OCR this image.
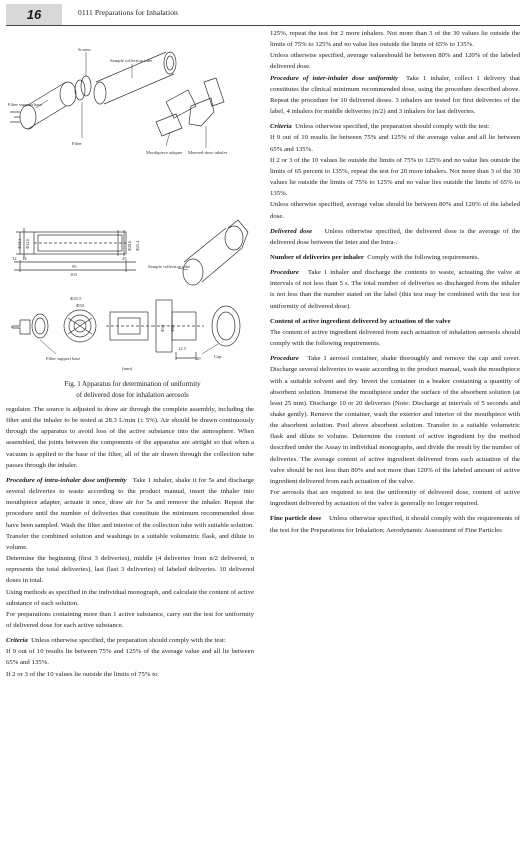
16	0111 Preparations for Inhalation
Screen
Sample collection tube
Filter support base
Filter
Mouthpiece adapter Metered-dose inhaler
Sample collection tube
Filter support base	Cap
(mm)
Φ34.3 Φ32.6	Φ28.6 Φ25.4
12 14
95
103
25
Φ25.5
Φ50
Φ50 Φ80
12.5
20
Fig. 1 Apparatus for determination of uniformity
of delivered dose for inhalation aerosols

regulator. The source is adjusted to draw air through the complete assembly, including the filter and the inhaler to be tested at 28.3 L/min (± 5%). Air should be drawn continuously through the apparatus to avoid loss of the active substance into the atmosphere. When assembled, the joints between the components of the apparatus are airtight so that when a vacuum is applied to the base of the filter, all of the air drawn through the collection tube passes through the inhaler.

Procedure of intra-inhaler dose uniformity Take 1 inhaler, shake it for 5s and discharge several deliveries to waste according to the product manual, insert the inhaler into mouthpiece adapter, actuate it once, draw air for 5s and remove the inhaler. Repeat the procedure until the number of deliveries that constitute the minimum recommended dose have been sampled. Wash the filter and interior of the collection tube with suitable solution. Transfer the combined solution and washings to a suitable volumetric flask, and dilute to volume.

Determine the beginning (first 3 deliveries), middle (4 deliveries from n/2 delivered, n represents the total deliveries), last (last 3 deliveries) of labeled deliveries. 10 delivered doses in total.

Using methods as specified in the individual monograph, and calculate the content of active substance of each solution.

For preparations containing more than 1 active substance, carry out the test for uniformity of delivered dose for each active substance.

Criteria Unless otherwise specified, the preparation should comply with the test:

If 9 out of 10 results lie between 75% and 125% of the average value and all lie between 65% and 135%.

If 2 or 3 of the 10 values lie outside the limits of 75% to

125%, repeat the test for 2 more inhalers. Not more than 3 of the 30 values lie outside the limits of 75% to 125% and no value lies outside the limits of 65% to 135%.

Unless otherwise specified, average valueshould lie between 80% and 120% of the labeled delivered dose.

Procedure of inter-inhaler dose uniformity Take 1 inhaler, collect 1 delivery that constitutes the clinical minimum recommended dose, using the procedure described above. Repeat the procedure for 10 delivered doses. 3 inhalers are tested for first deliveries of the label, 4 inhalers for middle deliveries (n/2) and 3 inhalers for last deliveries.

Criteria Unless otherwise specified, the preparation should comply with the test:

If 9 out of 10 results lie between 75% and 125% of the average value and all lie between 65% and 135%.

If 2 or 3 of the 10 values lie outside the limits of 75% to 125% and no value lies outside the limits of 65 percent to 135%, repeat the test for 20 more inhalers. Not more than 3 of the 30 values lie outside the limits of 75% to 125% and no value lies outside the limits of 65% to 135%.

Unless otherwise specified, average value should lie between 80% and 120% of the labeled dose.

Delivered dose Unless otherwise specified, the delivered dose is the average of the delivered dose between the Inter and the Intra-.

Number of deliveries per inhaler Comply with the following requirements.

Procedure Take 1 inhaler and discharge the contents to waste, actuating the valve at intervals of not less than 5 s. The total number of deliveries so discharged from the inhaler is not less than the number stated on the label (this test may be combined with the test for uniformity of delivered dose).

Content of active ingredient delivered by actuation of the valve
The content of active ingredient delivered from each actuation of inhalation aerosols should comply with the following requirements.

Procedure Take 1 aerosol container, shake thoroughly and remove the cap and cover. Discharge several deliveries to waste according to the product manual, wash the mouthpiece with a suitable solvent and dry. Invert the container in a beaker containing a quantity of absorbent solution. Immerse the mouthpiece under the surface of the absorbent solution (at least 25 mm). Discharge 10 or 20 deliveries (Note: Discharge at intervals of 5 seconds and shake gently). Remove the container, wash the exterior and interior of the mouthpiece with the absorbent solution. Pool above absorbent solution. Transfer to a suitable volumetric flask and dilute to volume. Determine the content of active ingredient by the method described under the Assay in individual monographs, and divide the result by the number of deliveries. The average content of active ingredient delivered from each actuation of the valve should be not less than 80% and not more than 120% of the labeled amount of active ingredient delivered from each actuation of the valve.

For aerosols that are required to test the uniformity of delivered dose, content of active ingredient delivered by actuation of the valve is generally no longer required.

Fine particle dose Unless otherwise specified, it should comply with the requirements of the test for the Preparations for Inhalation; Aerodynamic Assessment of Fine Particles
